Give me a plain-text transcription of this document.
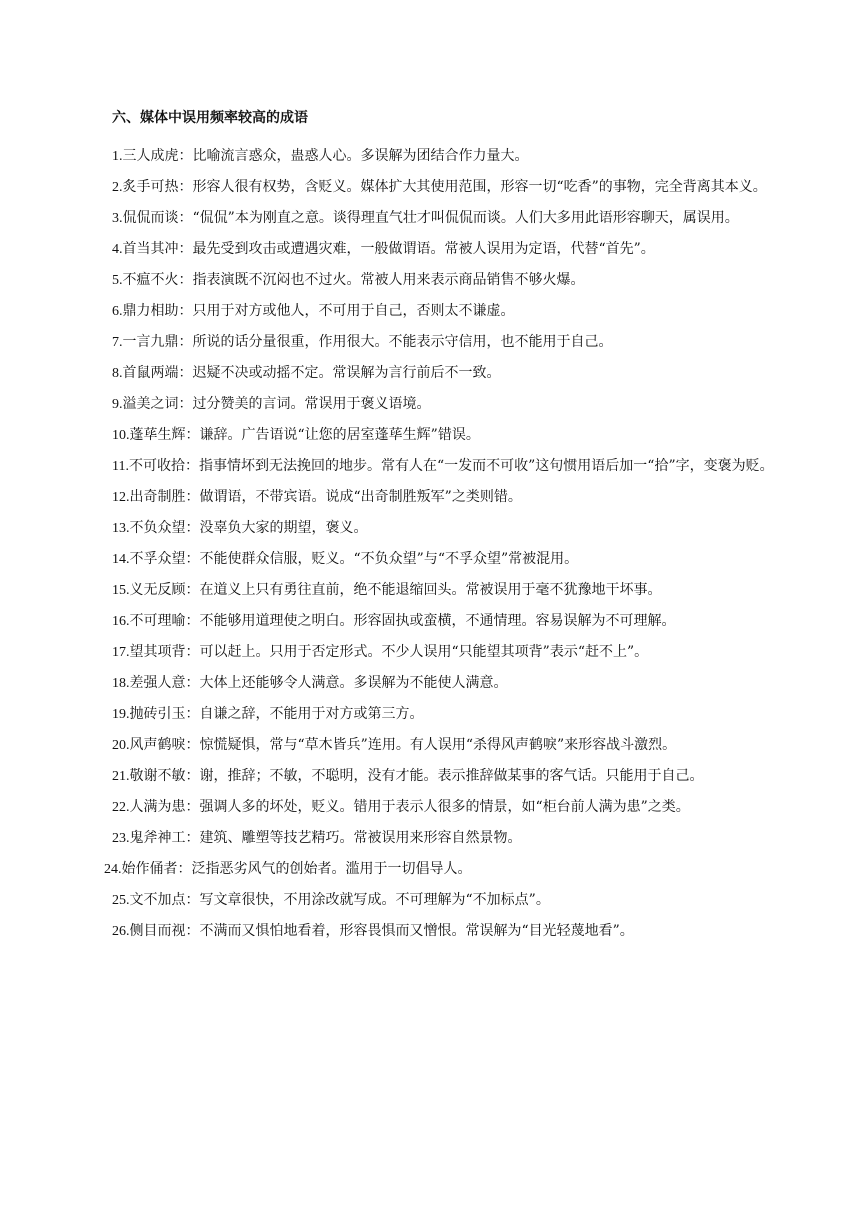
六、媒体中误用频率较高的成语

1.三人成虎：比喻流言惑众，蛊惑人心。多误解为团结合作力量大。

2.炙手可热：形容人很有权势，含贬义。媒体扩大其使用范围，形容一切“吃香”的事物，完全背离其本义。

3.侃侃而谈：“侃侃”本为刚直之意。谈得理直气壮才叫侃侃而谈。人们大多用此语形容聊天，属误用。

4.首当其冲：最先受到攻击或遭遇灾难，一般做谓语。常被人误用为定语，代替“首先”。

5.不瘟不火：指表演既不沉闷也不过火。常被人用来表示商品销售不够火爆。

6.鼎力相助：只用于对方或他人，不可用于自己，否则太不谦虚。

7.一言九鼎：所说的话分量很重，作用很大。不能表示守信用，也不能用于自己。

8.首鼠两端：迟疑不决或动摇不定。常误解为言行前后不一致。

9.溢美之词：过分赞美的言词。常误用于褒义语境。

10.蓬荜生辉：谦辞。广告语说“让您的居室蓬荜生辉”错误。

11.不可收拾：指事情坏到无法挽回的地步。常有人在“一发而不可收”这句惯用语后加一“拾”字，变褒为贬。

12.出奇制胜：做谓语，不带宾语。说成“出奇制胜叛军”之类则错。

13.不负众望：没辜负大家的期望，褒义。

14.不孚众望：不能使群众信服，贬义。“不负众望”与“不孚众望”常被混用。

15.义无反顾：在道义上只有勇往直前，绝不能退缩回头。常被误用于毫不犹豫地干坏事。

16.不可理喻：不能够用道理使之明白。形容固执或蛮横，不通情理。容易误解为不可理解。

17.望其项背：可以赶上。只用于否定形式。不少人误用“只能望其项背”表示“赶不上”。

18.差强人意：大体上还能够令人满意。多误解为不能使人满意。

19.抛砖引玉：自谦之辞，不能用于对方或第三方。

20.风声鹤唳：惊慌疑惧，常与“草木皆兵”连用。有人误用“杀得风声鹤唳”来形容战斗激烈。

21.敬谢不敏：谢，推辞；不敏，不聪明，没有才能。表示推辞做某事的客气话。只能用于自己。

22.人满为患：强调人多的坏处，贬义。错用于表示人很多的情景，如“柜台前人满为患”之类。

23.鬼斧神工：建筑、雕塑等技艺精巧。常被误用来形容自然景物。

24.始作俑者：泛指恶劣风气的创始者。滥用于一切倡导人。

25.文不加点：写文章很快，不用涂改就写成。不可理解为“不加标点”。

26.侧目而视：不满而又惧怕地看着，形容畏惧而又憎恨。常误解为“目光轻蔑地看”。
